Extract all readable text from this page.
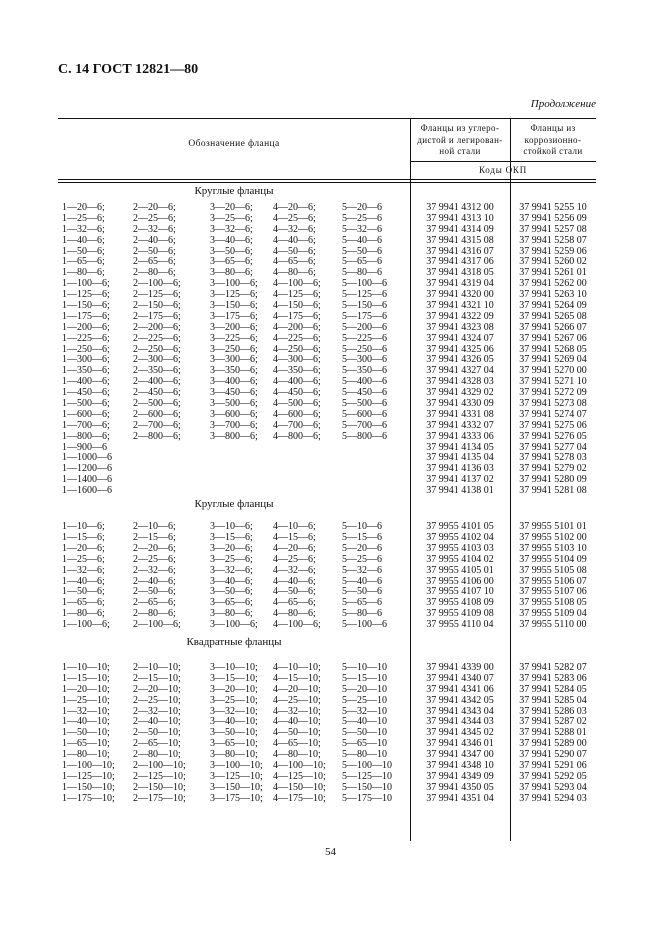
С. 14 ГОСТ 12821—80
Продолжение
Обозначение фланца
Фланцы из углеро-
дистой и легирован-
ной стали
Фланцы из
коррозионно-
стойкой стали
Коды ОКП
Круглые фланцы
1—20—6;	2—20—6;	3—20—6; 4—20—6;	5—20—6	37 9941 4312 00	37 9941 5255 10
1—25—6;	2—25—6;	3—25—6; 4—25—6;	5—25—6	37 9941 4313 10	37 9941 5256 09
1—32—6;	2—32—6;	3—32—6; 4—32—6;	5—32—6	37 9941 4314 09	37 9941 5257 08
1—40—6;	2—40—6;	3—40—6; 4—40—6;	5—40—6	37 9941 4315 08	37 9941 5258 07
1—50—6;	2—50—6;	3—50—6; 4—50—6;	5—50—6	37 9941 4316 07	37 9941 5259 06
1—65—6;	2—65—6;	3—65—6; 4—65—6;	5—65—6	37 9941 4317 06	37 9941 5260 02
1—80—6;	2—80—6;	3—80—6; 4—80—6;	5—80—6	37 9941 4318 05	37 9941 5261 01
1—100—6; 2—100—6;	3—100—6; 4—100—6; 5—100—6	37 9941 4319 04	37 9941 5262 00
1—125—6; 2—125—6;	3—125—6; 4—125—6; 5—125—6	37 9941 4320 00	37 9941 5263 10
1—150—6; 2—150—6;	3—150—6; 4—150—6; 5—150—6	37 9941 4321 10	37 9941 5264 09
1—175—6; 2—175—6;	3—175—6; 4—175—6; 5—175—6	37 9941 4322 09	37 9941 5265 08
1—200—6; 2—200—6;	3—200—6; 4—200—6; 5—200—6	37 9941 4323 08	37 9941 5266 07
1—225—6; 2—225—6;	3—225—6; 4—225—6; 5—225—6	37 9941 4324 07	37 9941 5267 06
1—250—6; 2—250—6;	3—250—6; 4—250—6; 5—250—6	37 9941 4325 06	37 9941 5268 05
1—300—6; 2—300—6;	3—300—6; 4—300—6; 5—300—6	37 9941 4326 05	37 9941 5269 04
1—350—6; 2—350—6;	3—350—6; 4—350—6; 5—350—6	37 9941 4327 04	37 9941 5270 00
1—400—6; 2—400—6;	3—400—6; 4—400—6; 5—400—6	37 9941 4328 03	37 9941 5271 10
1—450—6; 2—450—6;	3—450—6; 4—450—6; 5—450—6	37 9941 4329 02	37 9941 5272 09
1—500—6; 2—500—6;	3—500—6; 4—500—6; 5—500—6	37 9941 4330 09	37 9941 5273 08
1—600—6; 2—600—6;	3—600—6; 4—600—6; 5—600—6	37 9941 4331 08	37 9941 5274 07
1—700—6; 2—700—6;	3—700—6; 4—700—6; 5—700—6	37 9941 4332 07	37 9941 5275 06
1—800—6; 2—800—6;	3—800—6; 4—800—6; 5—800—6	37 9941 4333 06	37 9941 5276 05
1—900—6	37 9941 4134 05	37 9941 5277 04
1—1000—6	37 9941 4135 04	37 9941 5278 03
1—1200—6	37 9941 4136 03	37 9941 5279 02
1—1400—6	37 9941 4137 02	37 9941 5280 09
1—1600—6	37 9941 4138 01	37 9941 5281 08
Круглые фланцы
1—10—6;	2—10—6;	3—10—6; 4—10—6;	5—10—6	37 9955 4101 05	37 9955 5101 01
1—15—6;	2—15—6;	3—15—6; 4—15—6;	5—15—6	37 9955 4102 04	37 9955 5102 00
1—20—6;	2—20—6;	3—20—6; 4—20—6;	5—20—6	37 9955 4103 03	37 9955 5103 10
1—25—6;	2—25—6;	3—25—6; 4—25—6;	5—25—6	37 9955 4104 02	37 9955 5104 09
1—32—6;	2—32—6;	3—32—6; 4—32—6;	5—32—6	37 9955 4105 01	37 9955 5105 08
1—40—6;	2—40—6;	3—40—6; 4—40—6;	5—40—6	37 9955 4106 00	37 9955 5106 07
1—50—6;	2—50—6;	3—50—6; 4—50—6;	5—50—6	37 9955 4107 10	37 9955 5107 06
1—65—6;	2—65—6;	3—65—6; 4—65—6;	5—65—6	37 9955 4108 09	37 9955 5108 05
1—80—6;	2—80—6;	3—80—6; 4—80—6;	5—80—6	37 9955 4109 08	37 9955 5109 04
1—100—6; 2—100—6;	3—100—6; 4—100—6; 5—100—6	37 9955 4110 04	37 9955 5110 00
Квадратные фланцы
1—10—10; 2—10—10;	3—10—10; 4—10—10; 5—10—10	37 9941 4339 00	37 9941 5282 07
1—15—10; 2—15—10;	3—15—10; 4—15—10; 5—15—10	37 9941 4340 07	37 9941 5283 06
1—20—10; 2—20—10;	3—20—10; 4—20—10; 5—20—10	37 9941 4341 06	37 9941 5284 05
1—25—10; 2—25—10;	3—25—10; 4—25—10; 5—25—10	37 9941 4342 05	37 9941 5285 04
1—32—10; 2—32—10;	3—32—10; 4—32—10; 5—32—10	37 9941 4343 04	37 9941 5286 03
1—40—10; 2—40—10;	3—40—10; 4—40—10; 5—40—10	37 9941 4344 03	37 9941 5287 02
1—50—10; 2—50—10;	3—50—10; 4—50—10; 5—50—10	37 9941 4345 02	37 9941 5288 01
1—65—10; 2—65—10;	3—65—10; 4—65—10; 5—65—10	37 9941 4346 01	37 9941 5289 00
1—80—10; 2—80—10;	3—80—10; 4—80—10; 5—80—10	37 9941 4347 00	37 9941 5290 07
1—100—10; 2—100—10; 3—100—10; 4—100—10; 5—100—10	37 9941 4348 10	37 9941 5291 06
1—125—10; 2—125—10; 3—125—10; 4—125—10; 5—125—10	37 9941 4349 09	37 9941 5292 05
1—150—10; 2—150—10; 3—150—10; 4—150—10; 5—150—10	37 9941 4350 05	37 9941 5293 04
1—175—10; 2—175—10; 3—175—10; 4—175—10; 5—175—10	37 9941 4351 04	37 9941 5294 03
54
